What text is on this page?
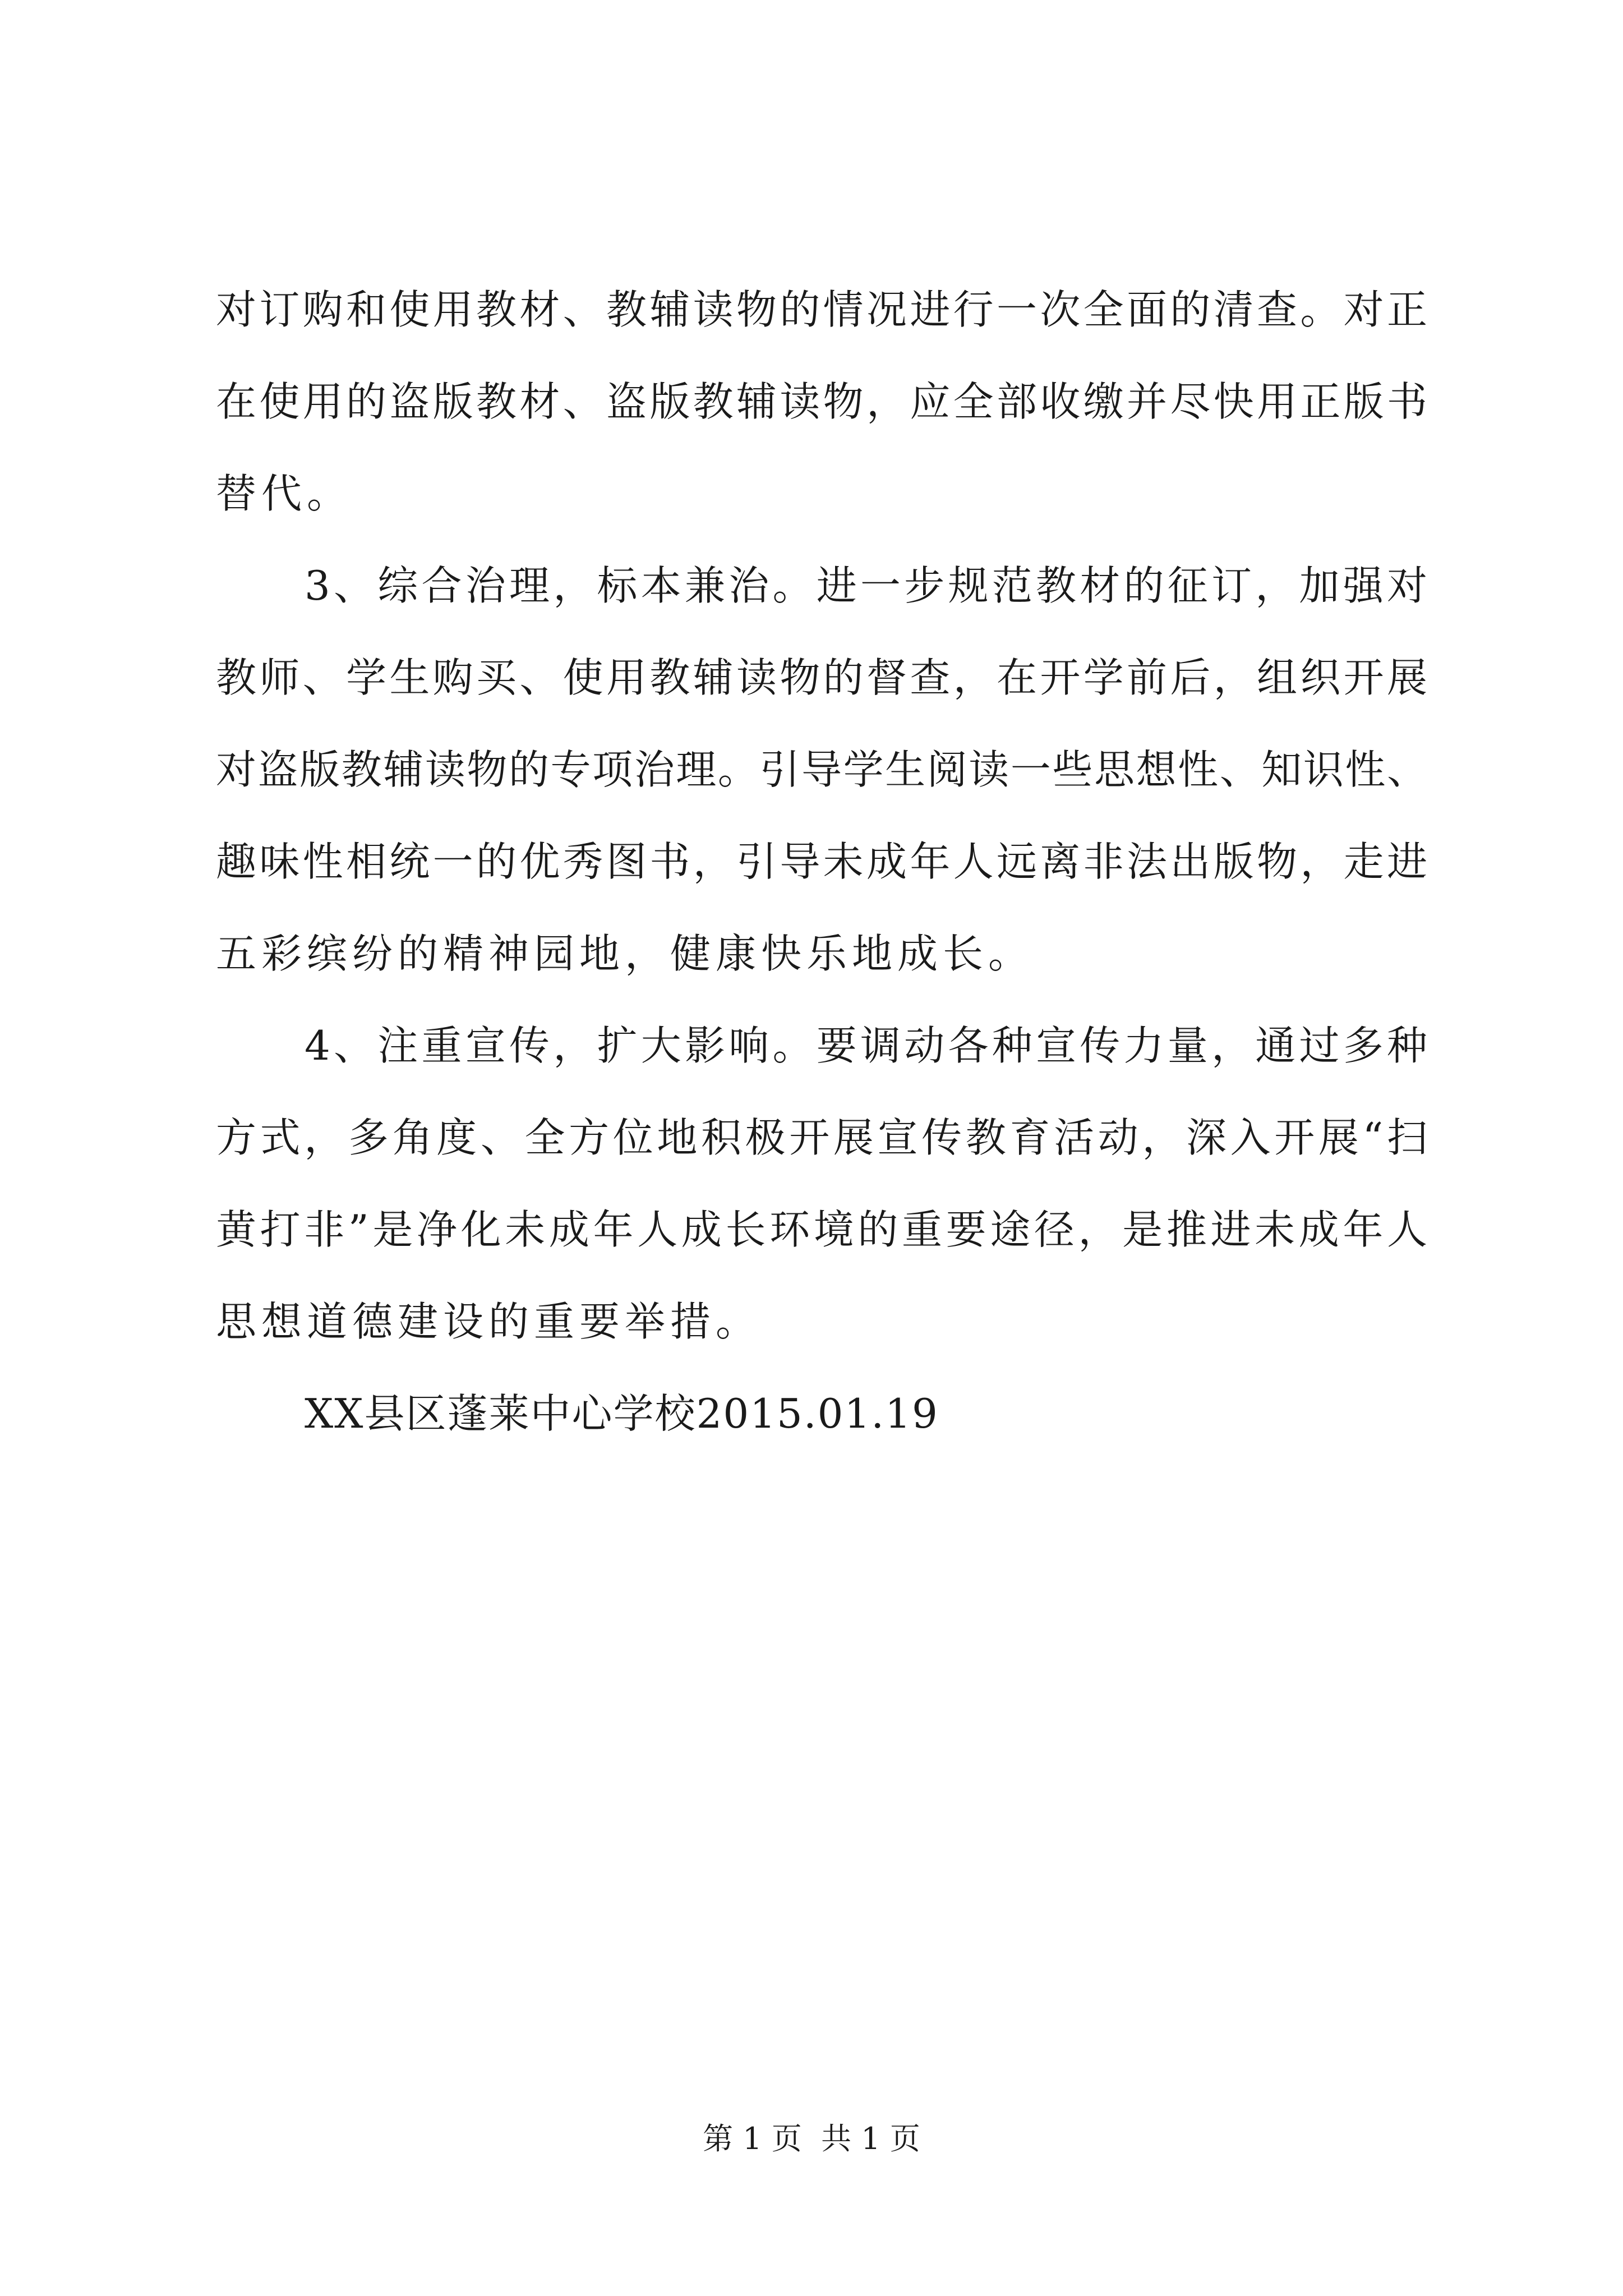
对订购和使用教材、教辅读物的情况进行一次全面的清查。对正
在使用的盗版教材、盗版教辅读物，应全部收缴并尽快用正版书
替代。
3、综合治理，标本兼治。进一步规范教材的征订，加强对
教师、学生购买、使用教辅读物的督查，在开学前后，组织开展
对盗版教辅读物的专项治理。引导学生阅读一些思想性、知识性、
趣味性相统一的优秀图书，引导未成年人远离非法出版物，走进
五彩缤纷的精神园地，健康快乐地成长。
4、注重宣传，扩大影响。要调动各种宣传力量，通过多种
方式，多角度、全方位地积极开展宣传教育活动，深入开展“扫
黄打非”是净化未成年人成长环境的重要途径，是推进未成年人
思想道德建设的重要举措。
XX县区蓬莱中心学校2015.01.19
第 1 页  共 1 页
